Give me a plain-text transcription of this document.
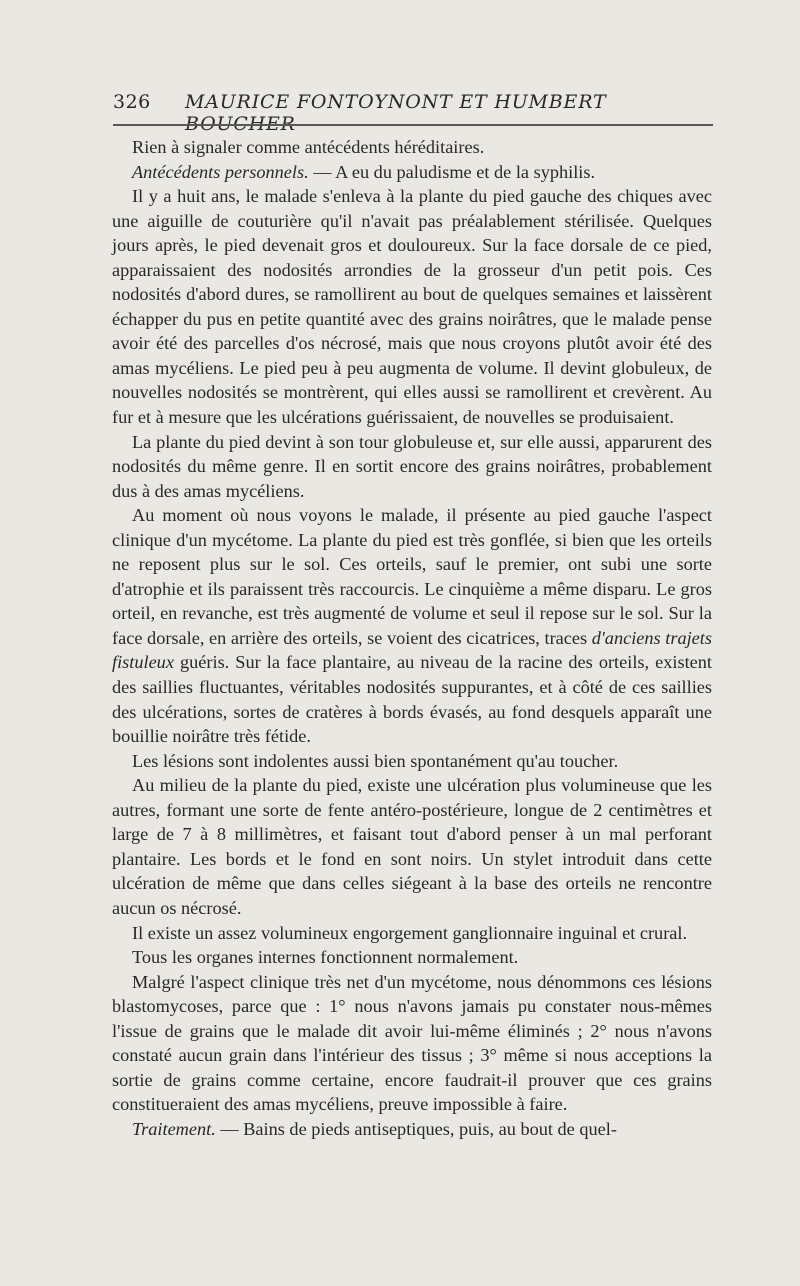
326 MAURICE FONTOYNONT ET HUMBERT BOUCHER

Rien à signaler comme antécédents héréditaires.

Antécédents personnels. — A eu du paludisme et de la syphilis.

Il y a huit ans, le malade s'enleva à la plante du pied gauche des chiques avec une aiguille de couturière qu'il n'avait pas préalablement stérilisée. Quelques jours après, le pied devenait gros et douloureux. Sur la face dorsale de ce pied, apparaissaient des nodosités arrondies de la grosseur d'un petit pois. Ces nodosités d'abord dures, se ramollirent au bout de quelques semaines et laissèrent échapper du pus en petite quantité avec des grains noirâtres, que le malade pense avoir été des parcelles d'os nécrosé, mais que nous croyons plutôt avoir été des amas mycéliens. Le pied peu à peu augmenta de volume. Il devint globuleux, de nouvelles nodosités se montrèrent, qui elles aussi se ramollirent et crevèrent. Au fur et à mesure que les ulcérations guérissaient, de nouvelles se produisaient.

La plante du pied devint à son tour globuleuse et, sur elle aussi, apparurent des nodosités du même genre. Il en sortit encore des grains noirâtres, probablement dus à des amas mycéliens.

Au moment où nous voyons le malade, il présente au pied gauche l'aspect clinique d'un mycétome. La plante du pied est très gonflée, si bien que les orteils ne reposent plus sur le sol. Ces orteils, sauf le premier, ont subi une sorte d'atrophie et ils paraissent très raccourcis. Le cinquième a même disparu. Le gros orteil, en revanche, est très augmenté de volume et seul il repose sur le sol. Sur la face dorsale, en arrière des orteils, se voient des cicatrices, traces d'anciens trajets fistuleux guéris. Sur la face plantaire, au niveau de la racine des orteils, existent des saillies fluctuantes, véritables nodosités suppurantes, et à côté de ces saillies des ulcérations, sortes de cratères à bords évasés, au fond desquels apparaît une bouillie noirâtre très fétide.

Les lésions sont indolentes aussi bien spontanément qu'au toucher.

Au milieu de la plante du pied, existe une ulcération plus volumineuse que les autres, formant une sorte de fente antéro-postérieure, longue de 2 centimètres et large de 7 à 8 millimètres, et faisant tout d'abord penser à un mal perforant plantaire. Les bords et le fond en sont noirs. Un stylet introduit dans cette ulcération de même que dans celles siégeant à la base des orteils ne rencontre aucun os nécrosé.

Il existe un assez volumineux engorgement ganglionnaire inguinal et crural.

Tous les organes internes fonctionnent normalement.

Malgré l'aspect clinique très net d'un mycétome, nous dénommons ces lésions blastomycoses, parce que : 1° nous n'avons jamais pu constater nous-mêmes l'issue de grains que le malade dit avoir lui-même éliminés ; 2° nous n'avons constaté aucun grain dans l'intérieur des tissus ; 3° même si nous acceptions la sortie de grains comme certaine, encore faudrait-il prouver que ces grains constitueraient des amas mycéliens, preuve impossible à faire.

Traitement. — Bains de pieds antiseptiques, puis, au bout de quel-
